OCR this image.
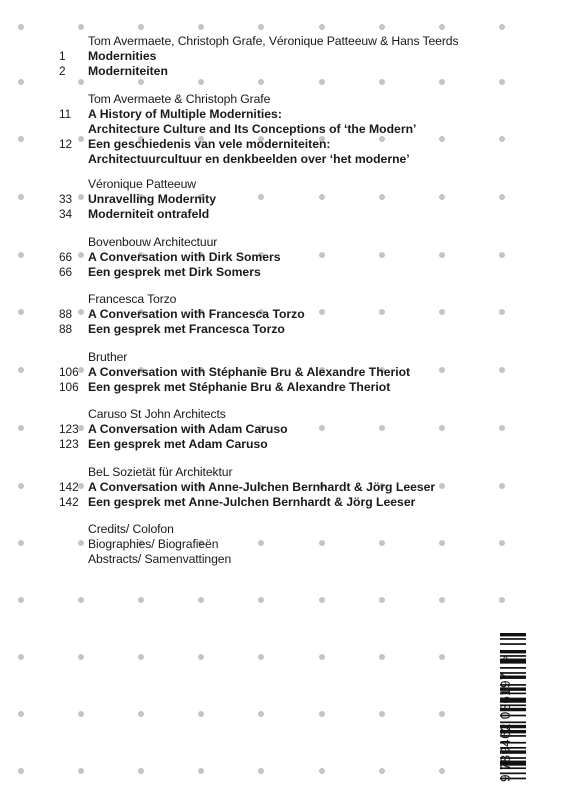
Tom Avermaete, Christoph Grafe, Véronique Patteeuw & Hans Teerds
1	Modernities
2	Moderniteiten
Tom Avermaete & Christoph Grafe
11	A History of Multiple Modernities:
Architecture Culture and Its Conceptions of ‘the Modern’
12	Een geschiedenis van vele moderniteiten:
Architectuurcultuur en denkbeelden over ‘het moderne’
Véronique Patteeuw
33	Unravelling Modernity
34	Moderniteit ontrafeld
Bovenbouw Architectuur
66	A Conversation with Dirk Somers
66	Een gesprek met Dirk Somers
Francesca Torzo
88	A Conversation with Francesca Torzo
88	Een gesprek met Francesca Torzo
Bruther
106 A Conversation with Stéphanie Bru & Alexandre Theriot
106 Een gesprek met Stéphanie Bru & Alexandre Theriot
Caruso St John Architects
123 A Conversation with Adam Caruso
123 Een gesprek met Adam Caruso
BeL Sozietät für Architektur
142 A Conversation with Anne-Julchen Bernhardt & Jörg Leeser
142 Een gesprek met Anne-Julchen Bernhardt & Jörg Leeser
Credits/ Colofon
Biographies/ Biografieën
Abstracts/ Samenvattingen
9 789462 086197 >
